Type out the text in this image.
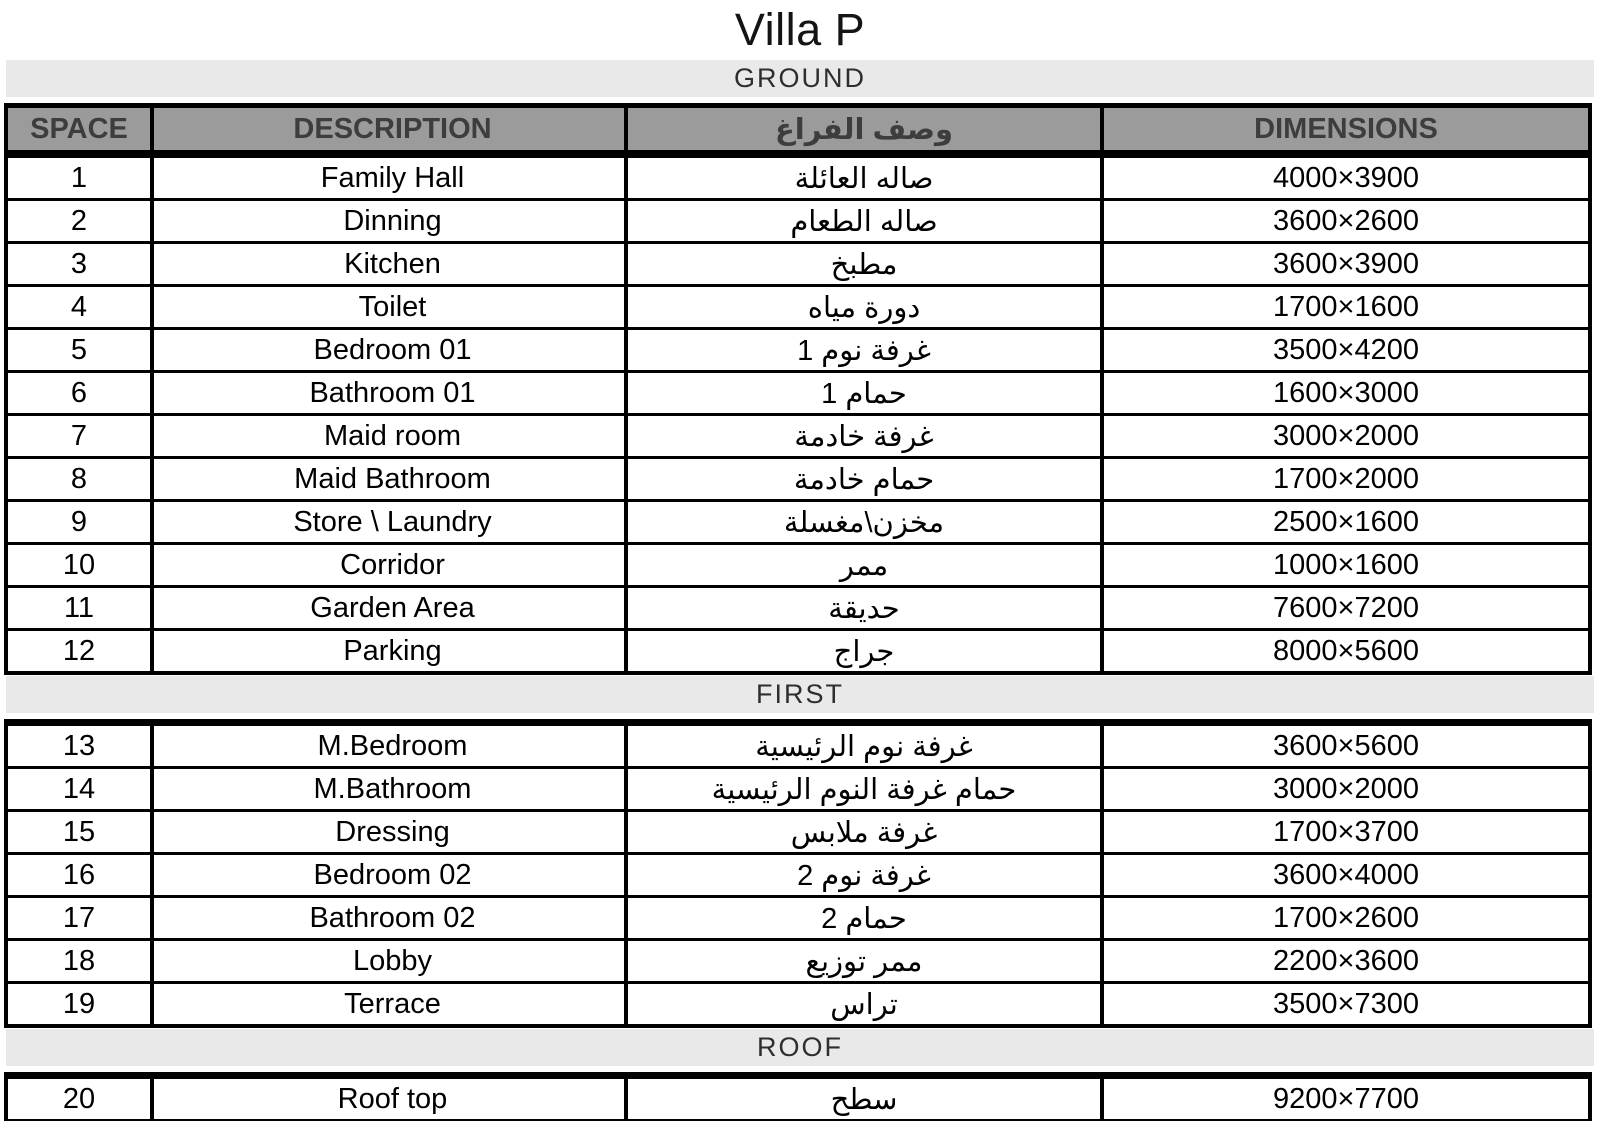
Villa P
GROUND
SPACE	DESCRIPTION	وصف الفراغ	DIMENSIONS
1	Family Hall	صاله العائلة	4000×3900
2	Dinning	صاله الطعام	3600×2600
3	Kitchen	مطبخ	3600×3900
4	Toilet	دورة مياه	1700×1600
5	Bedroom 01	غرفة نوم 1	3500×4200
6	Bathroom 01	حمام 1	1600×3000
7	Maid room	غرفة خادمة	3000×2000
8	Maid Bathroom	حمام خادمة	1700×2000
9	Store \ Laundry	مخزن\مغسلة	2500×1600
10	Corridor	ممر	1000×1600
11	Garden Area	حديقة	7600×7200
12	Parking	جراج	8000×5600
FIRST
13	M.Bedroom	غرفة نوم الرئيسية	3600×5600
14	M.Bathroom	حمام غرفة النوم الرئيسية	3000×2000
15	Dressing	غرفة ملابس	1700×3700
16	Bedroom 02	غرفة نوم 2	3600×4000
17	Bathroom 02	حمام 2	1700×2600
18	Lobby	ممر توزيع	2200×3600
19	Terrace	تراس	3500×7300
ROOF
20	Roof top	سطح	9200×7700
